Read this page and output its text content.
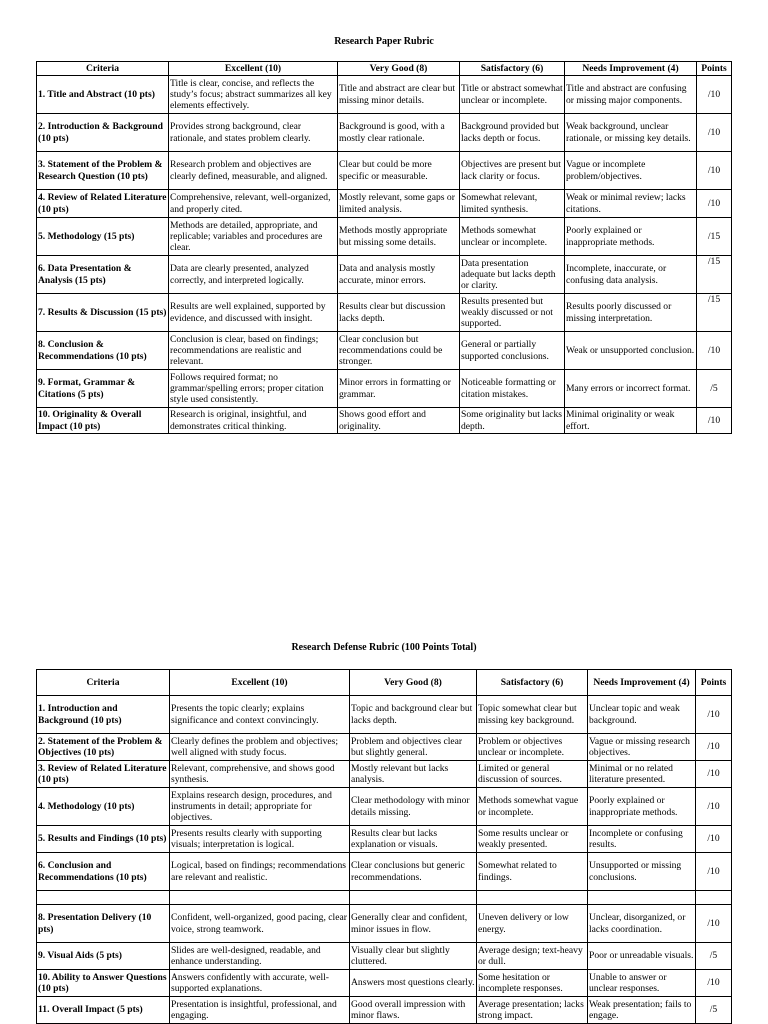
Research Paper Rubric
Criteria	Excellent (10)	Very Good (8)	Satisfactory (6)	Needs Improvement (4)	Points
1. Title and Abstract (10 pts)	Title is clear, concise, and reflects the study’s focus; abstract summarizes all key elements effectively.	Title and abstract are clear but missing minor details.	Title or abstract somewhat unclear or incomplete.	Title and abstract are confusing or missing major components.	/10
2. Introduction & Background (10 pts)	Provides strong background, clear rationale, and states problem clearly.	Background is good, with a mostly clear rationale.	Background provided but lacks depth or focus.	Weak background, unclear rationale, or missing key details.	/10
3. Statement of the Problem & Research Question (10 pts)	Research problem and objectives are clearly defined, measurable, and aligned.	Clear but could be more specific or measurable.	Objectives are present but lack clarity or focus.	Vague or incomplete problem/objectives.	/10
4. Review of Related Literature (10 pts)	Comprehensive, relevant, well-organized, and properly cited.	Mostly relevant, some gaps or limited analysis.	Somewhat relevant, limited synthesis.	Weak or minimal review; lacks citations.	/10
5. Methodology (15 pts)	Methods are detailed, appropriate, and replicable; variables and procedures are clear.	Methods mostly appropriate but missing some details.	Methods somewhat unclear or incomplete.	Poorly explained or inappropriate methods.	/15
6. Data Presentation & Analysis (15 pts)	Data are clearly presented, analyzed correctly, and interpreted logically.	Data and analysis mostly accurate, minor errors.	Data presentation adequate but lacks depth or clarity.	Incomplete, inaccurate, or confusing data analysis.	/15
7. Results & Discussion (15 pts)	Results are well explained, supported by evidence, and discussed with insight.	Results clear but discussion lacks depth.	Results presented but weakly discussed or not supported.	Results poorly discussed or missing interpretation.	/15
8. Conclusion & Recommendations (10 pts)	Conclusion is clear, based on findings; recommendations are realistic and relevant.	Clear conclusion but recommendations could be stronger.	General or partially supported conclusions.	Weak or unsupported conclusion.	/10
9. Format, Grammar & Citations (5 pts)	Follows required format; no grammar/spelling errors; proper citation style used consistently.	Minor errors in formatting or grammar.	Noticeable formatting or citation mistakes.	Many errors or incorrect format.	/5
10. Originality & Overall Impact (10 pts)	Research is original, insightful, and demonstrates critical thinking.	Shows good effort and originality.	Some originality but lacks depth.	Minimal originality or weak effort.	/10
Research Defense Rubric (100 Points Total)
Criteria	Excellent (10)	Very Good (8)	Satisfactory (6)	Needs Improvement (4)	Points
1. Introduction and Background (10 pts)	Presents the topic clearly; explains significance and context convincingly.	Topic and background clear but lacks depth.	Topic somewhat clear but missing key background.	Unclear topic and weak background.	/10
2. Statement of the Problem & Objectives (10 pts)	Clearly defines the problem and objectives; well aligned with study focus.	Problem and objectives clear but slightly general.	Problem or objectives unclear or incomplete.	Vague or missing research objectives.	/10
3. Review of Related Literature (10 pts)	Relevant, comprehensive, and shows good synthesis.	Mostly relevant but lacks analysis.	Limited or general discussion of sources.	Minimal or no related literature presented.	/10
4. Methodology (10 pts)	Explains research design, procedures, and instruments in detail; appropriate for objectives.	Clear methodology with minor details missing.	Methods somewhat vague or incomplete.	Poorly explained or inappropriate methods.	/10
5. Results and Findings (10 pts)	Presents results clearly with supporting visuals; interpretation is logical.	Results clear but lacks explanation or visuals.	Some results unclear or weakly presented.	Incomplete or confusing results.	/10
6. Conclusion and Recommendations (10 pts)	Logical, based on findings; recommendations are relevant and realistic.	Clear conclusions but generic recommendations.	Somewhat related to findings.	Unsupported or missing conclusions.	/10

8. Presentation Delivery (10 pts)	Confident, well-organized, good pacing, clear voice, strong teamwork.	Generally clear and confident, minor issues in flow.	Uneven delivery or low energy.	Unclear, disorganized, or lacks coordination.	/10
9. Visual Aids (5 pts)	Slides are well-designed, readable, and enhance understanding.	Visually clear but slightly cluttered.	Average design; text-heavy or dull.	Poor or unreadable visuals.	/5
10. Ability to Answer Questions (10 pts)	Answers confidently with accurate, well-supported explanations.	Answers most questions clearly.	Some hesitation or incomplete responses.	Unable to answer or unclear responses.	/10
11. Overall Impact (5 pts)	Presentation is insightful, professional, and engaging.	Good overall impression with minor flaws.	Average presentation; lacks strong impact.	Weak presentation; fails to engage.	/5
